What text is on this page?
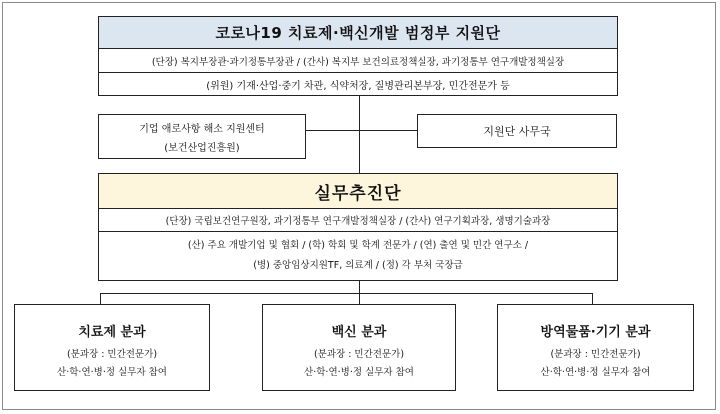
코로나19 치료제·백신개발 범정부 지원단
(단장) 복지부장관·과기정통부장관 / (간사) 복지부 보건의료정책실장, 과기정통부 연구개발정책실장
(위원) 기재·산업·중기 차관, 식약처장, 질병관리본부장, 민간전문가 등
기업 애로사항 해소 지원센터
(보건산업진흥원)
지원단 사무국
실무추진단
(단장) 국립보건연구원장, 과기정통부 연구개발정책실장 / (간사) 연구기획과장, 생명기술과장
(산) 주요 개발기업 및 협회 / (학) 학회 및 학계 전문가 / (연) 출연 및 민간 연구소 /
(병) 중앙임상지원TF, 의료계 / (정) 각 부처 국장급
치료제 분과
(분과장 : 민간전문가)
산·학·연·병·정 실무자 참여
백신 분과
(분과장 : 민간전문가)
산·학·연·병·정 실무자 참여
방역물품·기기 분과
(분과장 : 민간전문가)
산·학·연·병·정 실무자 참여
